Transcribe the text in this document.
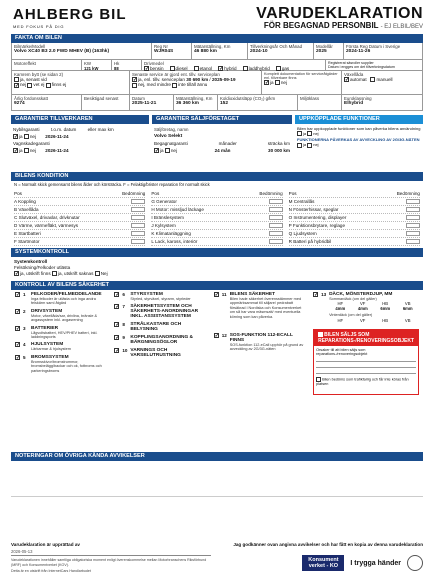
AHLBERG BIL
MED FOKUS PÅ DIG
VARUDEKLARATION
FÖR BEGAGNAD PERSONBIL - EJ ELBIL/BEV
FAKTA OM BILEN
Bilmärke/Modell
Volvo XC40 B3 2.0 FWD MHEV (B) (163hk)
Reg Nr
WJR04S
Mätarställning, Km
46 880 km
Tillverkningsår Och Månad
2024-10
Modellår
2025
Första Reg Datum i Sverige
2024-11-26
Motoreffekt	KW
121 kW
Hk
88
Drivmedel
✓bensin	diesel	etanol✓	hybrid	laddhybrid	gas
Registrerat säsroller supplier
Datum i engges om det tillverkningsdatum
Kamrem bytt (se sidan 2)
ja, senast vid
✓nej vet ej finns ej
Senaste service är gjord ent. tillv. serviceplan
✓ja, enl. tillv. serviceplan 30 690 km / 2025-09-19
nej, med mindre inte tilläll ännu
Komplett dokumentation för serviceåtgärder enl. tillverkare finns
✓ja nej
Växellåda
✓automat manuell
Årlig fordonsskatt
9274
Besiktigad senast	Datum
2025-11-21
Mätarställning, Km
36 360 km
Koldioxidutsläpp (CO₂) g/km
152
Miljöklass	Euroklassning
Elhybrid
GARANTIER TILLVERKAREN
Nybilsgaranti t.o.m. datum eller max km
✓ja nej 2026-11-24
Vagnskadegaranti
✓ja nej 2026-11-24
GARANTIER SÄLJFÖRETAGET
Säljföretag, namn
Volvo Selekt
Begagnatgaranti	månader	sträcka km
✓ja nej	24 mån	30 000 km
UPPKÖPPLADE FUNKTIONER
Bilen har uppkopplade funktioner som kan påverka bilens användning
ja nej
FUNKTIONERNA PÅVERKAS AV AVVECKLING AV 2G/3G-NÄTEN
ja nej
BILENS KONDITION
N = Normalt skick gemensamt bilens ålder och körsträcka. F = Felaktig/brister reparation för normalt skick
Pos	Bedömning
A Koppling
B Växellåda
C Slutväxel, drivaxlar, drivknutar
D Värme, värmefläkt, värmesys
E Startbatteri
F Startmotor
Pos	Bedömning
G Generator
H Motor: missljud läckage
I Bränslesystem
J Kylsystem
K Klimatanläggning
L Lack, kaross, interiör
Pos	Bedömning
M Centrallås
N Fönsterhissar, speglar
O Instrumentering, displayer
P Funktionsbrytare, reglage
Q Ljudsystem
R Batteri på hybridbil
SYSTEMKONTROLL
Systemkontroll
Felsökning/Felkoder utlästa
✓ja, utskrift finns ja, utskrift saknas Nej
KONTROLL AV BILENS SÄKERHET
✓
1	FELKODER/FELMEDDELANDE
Inga felkoder är utlästa och inga andra felskärm saml åtgärd
✓
2	DRIVSYSTEM
Motor, växellåda/sar, drivlina, bränsle & avgassystem inkl. avgasrening
✓
3	BATTERIER
Lågvoltsbatteri, HEV/PHEV batteri, inkl. laddningsports
✓
4	HJULSYSTEM
Lärkarmar & hjulsystem
✓
5	BROMSSYSTEM
Bromsskivor/bromstrummor, bromsbelägg/backar och ok, fotbroms och parkeringsbroms
✓
6	STYRSYSTEM
Styrled, styrväxel, styrarm, styrleder
✓
7	SÄKERHETSSYSTEM OCH SÄKERHETS-ANORDNINGAR INKL. ASSISTANSSYSTEM
✓
8	STRÅLKASTARE OCH BELYSNING
✓
9	KOPPLINGSANORDNING & BÄRGNINGSÖGLOR
✓
10 VARNINGS OCH VARSELUTRUSTNING
✓
11 BILENS SÄKERHET
Bilen hade säkerhet överensstämmer med uppmärksammat till säljare/ pedrabatt försäkrad i Nordiska och Konsumentverket om så har vara mäsmsatt/ med eventuella körning som kan påverka.
✓
12 SOS-FUNKTION 112-ECALL FINNS
SOS-funktion 112-eCall upphör på grund av avveckling av 2G/3G-näten
✓
13 DÄCK, MÖNSTERDJUP, MM
Sommardäck (om del gäller)
HF	VF	HB	VB
4mm	4mm	6mm	6mm
Vinterdäck (om del gäller)
HF	VF	HB	VB
BILEN SÄLJS SOM REPARATIONS-/RENOVERINGSOBJEKT
Orsaker till att bilen säljs som reparations-/renoveringsobjekt
Bilen bedöms som trafikfarlig och får inte köras från platsen
NOTERINGAR OM ÖVRIGA KÄNDA AVVIKELSER
Varudeklaration är upprättad av	Jag godkänner ovan angivna avvikelser och har fått en kopia av denna varudeklaration
2026-05-13
Varudeklarationen innehåller samtliga obligatoriska moment enligt överenskommelse mellan Motorbranschens Riksförbund (MRF) och Konsumentverket (KOV).
Detta är en utskrift från InternetCars Handlarbudet
Konsument
verket - KO	I trygga händer
